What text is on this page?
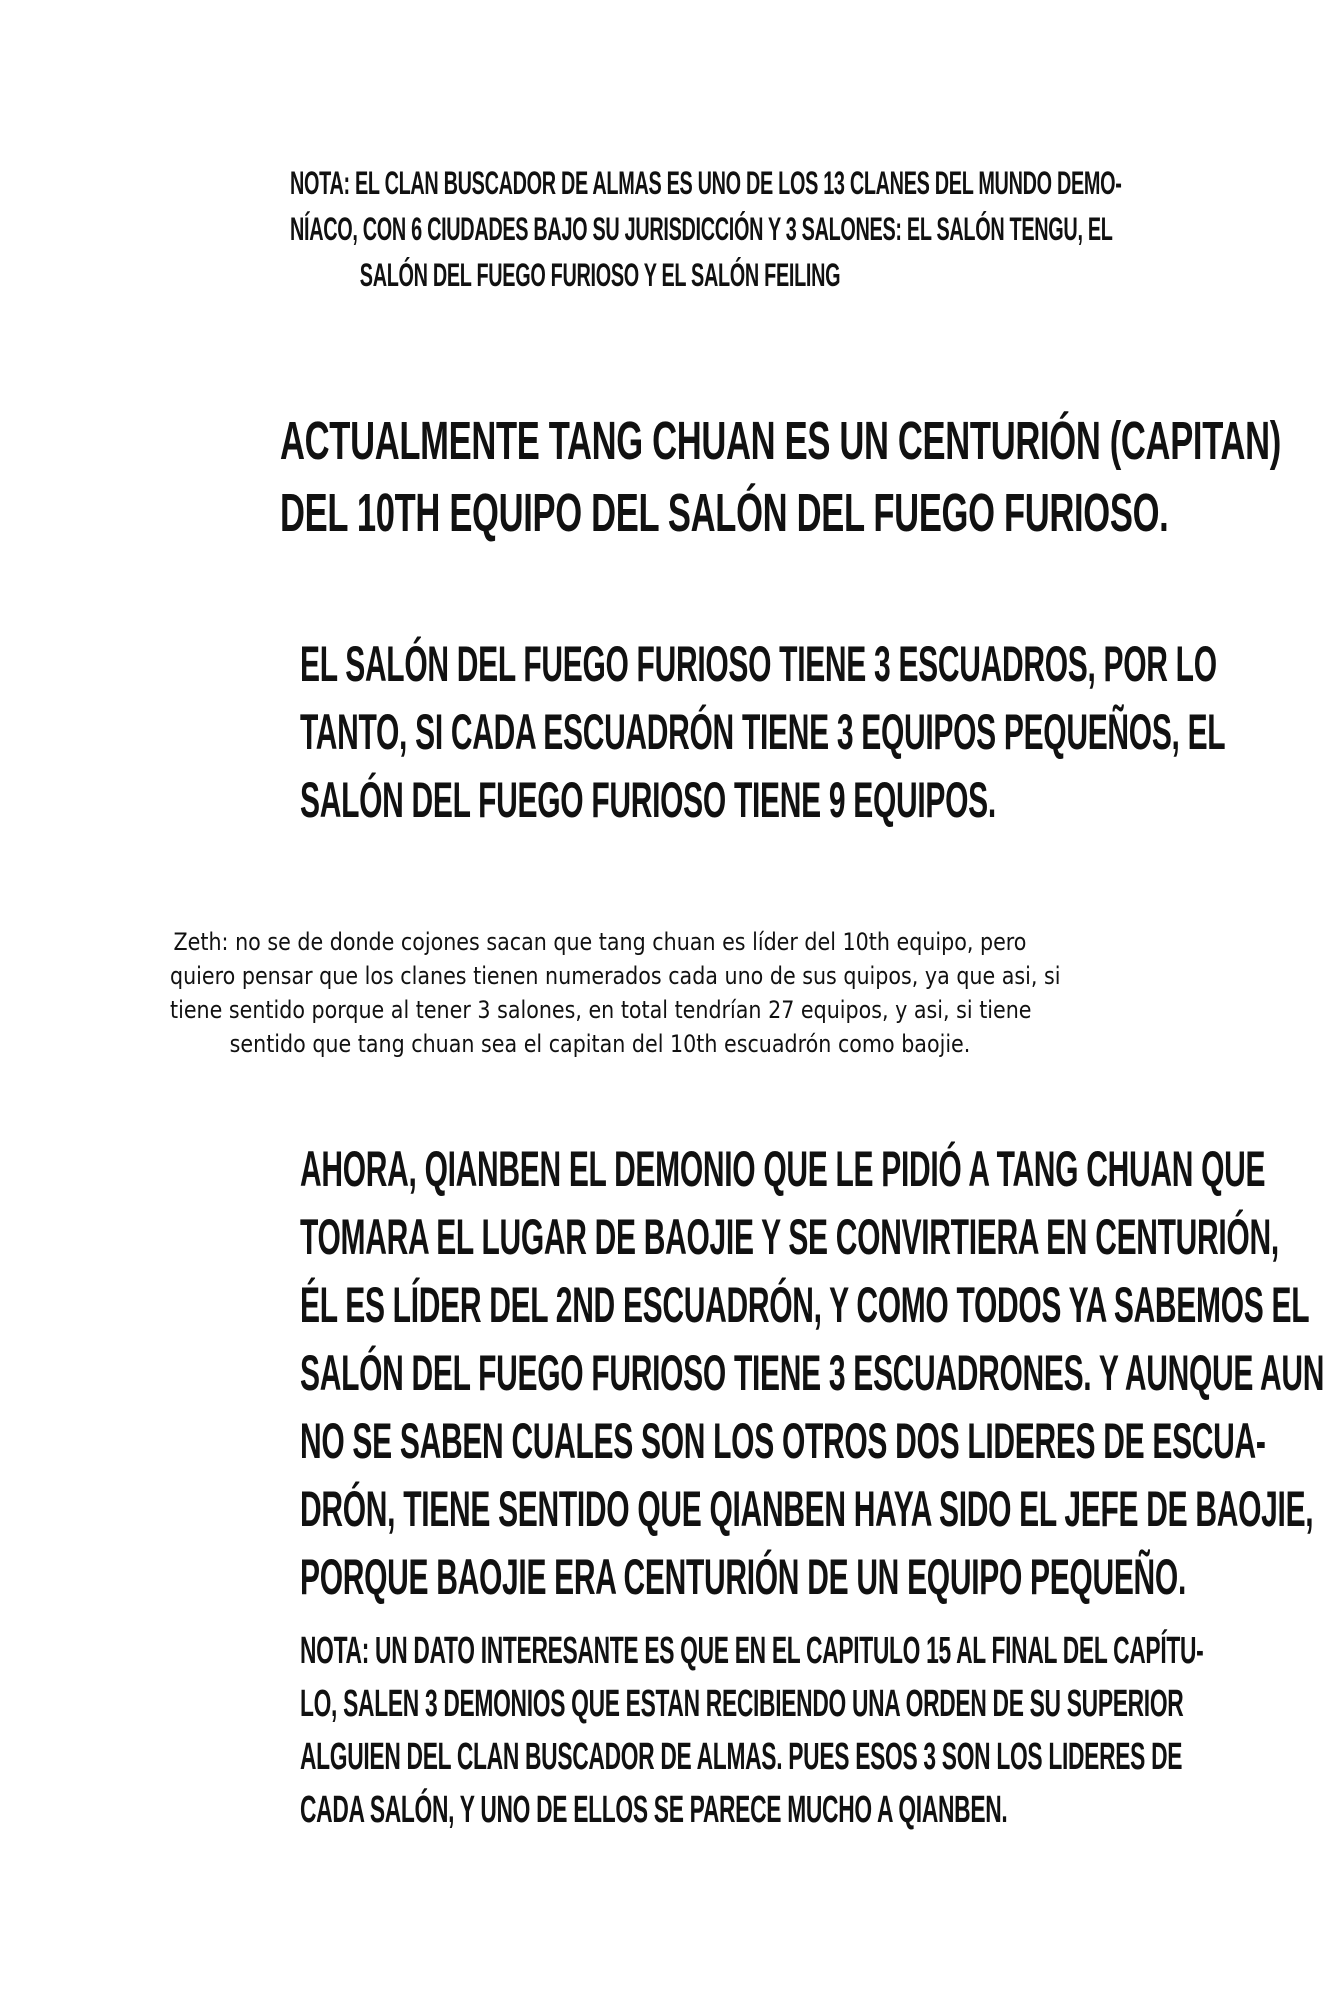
NOTA: EL CLAN BUSCADOR DE ALMAS ES UNO DE LOS 13 CLANES DEL MUNDO DEMO-
NÍACO, CON 6 CIUDADES BAJO SU JURISDICCIÓN Y 3 SALONES: EL SALÓN TENGU, EL
SALÓN DEL FUEGO FURIOSO Y EL SALÓN FEILING

ACTUALMENTE TANG CHUAN ES UN CENTURIÓN (CAPITAN)
DEL 10TH EQUIPO DEL SALÓN DEL FUEGO FURIOSO.

EL SALÓN DEL FUEGO FURIOSO TIENE 3 ESCUADROS, POR LO
TANTO, SI CADA ESCUADRÓN TIENE 3 EQUIPOS PEQUEÑOS, EL
SALÓN DEL FUEGO FURIOSO TIENE 9 EQUIPOS.

Zeth: no se de donde cojones sacan que tang chuan es líder del 10th equipo, pero
quiero pensar que los clanes tienen numerados cada uno de sus quipos, ya que asi, si
tiene sentido porque al tener 3 salones, en total tendrían 27 equipos, y asi, si tiene
sentido que tang chuan sea el capitan del 10th escuadrón como baojie.

AHORA, QIANBEN EL DEMONIO QUE LE PIDIÓ A TANG CHUAN QUE
TOMARA EL LUGAR DE BAOJIE Y SE CONVIRTIERA EN CENTURIÓN,
ÉL ES LÍDER DEL 2ND ESCUADRÓN, Y COMO TODOS YA SABEMOS EL
SALÓN DEL FUEGO FURIOSO TIENE 3 ESCUADRONES. Y AUNQUE AUN
NO SE SABEN CUALES SON LOS OTROS DOS LIDERES DE ESCUA-
DRÓN, TIENE SENTIDO QUE QIANBEN HAYA SIDO EL JEFE DE BAOJIE,
PORQUE BAOJIE ERA CENTURIÓN DE UN EQUIPO PEQUEÑO.

NOTA: UN DATO INTERESANTE ES QUE EN EL CAPITULO 15 AL FINAL DEL CAPÍTU-
LO, SALEN 3 DEMONIOS QUE ESTAN RECIBIENDO UNA ORDEN DE SU SUPERIOR
ALGUIEN DEL CLAN BUSCADOR DE ALMAS. PUES ESOS 3 SON LOS LIDERES DE
CADA SALÓN, Y UNO DE ELLOS SE PARECE MUCHO A QIANBEN.
